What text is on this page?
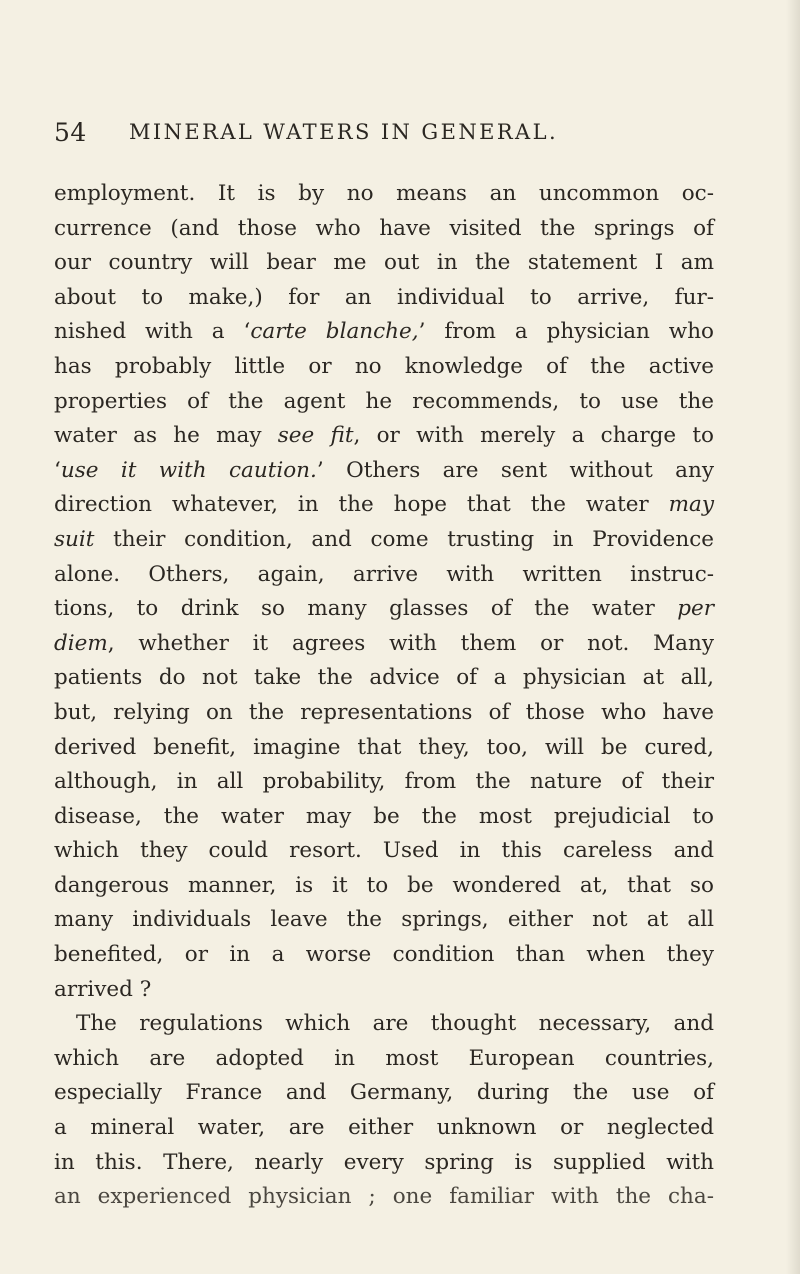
54 MINERAL WATERS IN GENERAL.
employment. It is by no means an uncommon oc-
currence (and those who have visited the springs of
our country will bear me out in the statement I am
about to make,) for an individual to arrive, fur-
nished with a ‘carte blanche,’ from a physician who
has probably little or no knowledge of the active
properties of the agent he recommends, to use the
water as he may see fit, or with merely a charge to
‘use it with caution.’ Others are sent without any
direction whatever, in the hope that the water may
suit their condition, and come trusting in Providence
alone. Others, again, arrive with written instruc-
tions, to drink so many glasses of the water per
diem, whether it agrees with them or not. Many
patients do not take the advice of a physician at all,
but, relying on the representations of those who have
derived benefit, imagine that they, too, will be cured,
although, in all probability, from the nature of their
disease, the water may be the most prejudicial to
which they could resort. Used in this careless and
dangerous manner, is it to be wondered at, that so
many individuals leave the springs, either not at all
benefited, or in a worse condition than when they
arrived ?
The regulations which are thought necessary, and
which are adopted in most European countries,
especially France and Germany, during the use of
a mineral water, are either unknown or neglected
in this. There, nearly every spring is supplied with
an experienced physician ; one familiar with the cha-
